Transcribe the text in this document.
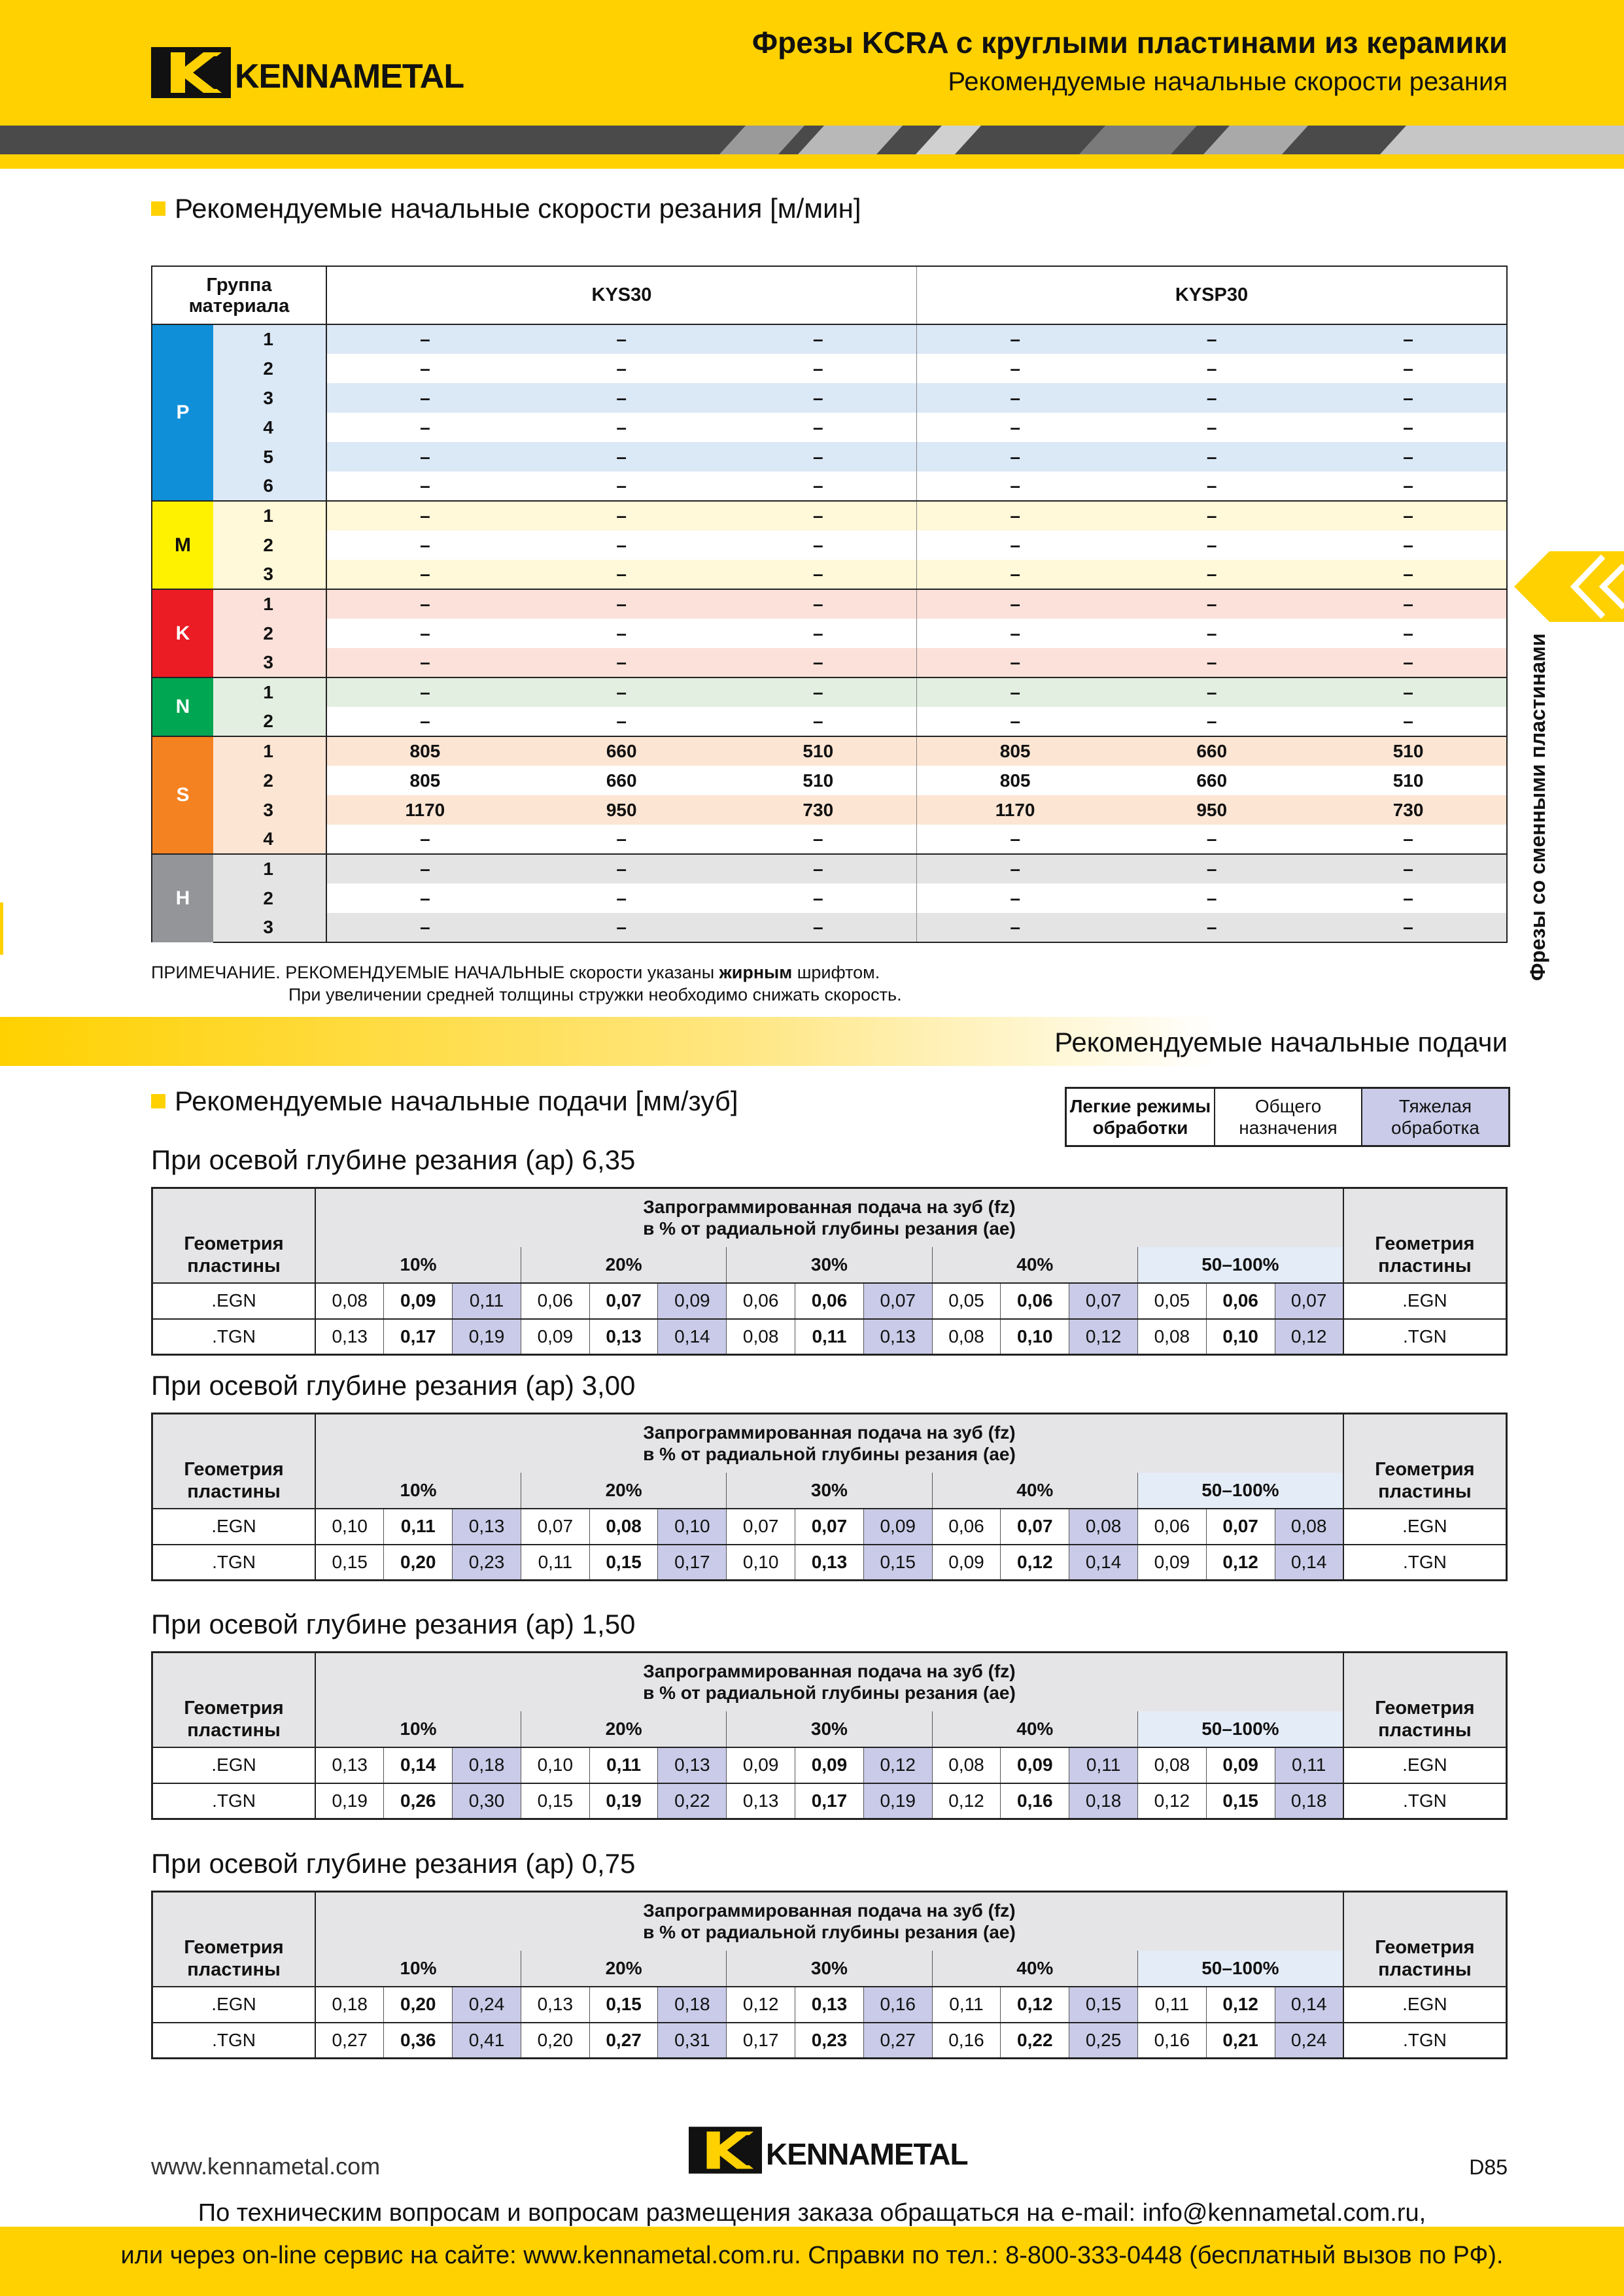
KENNAMETAL
Фрезы KCRA с круглыми пластинами из керамики
Рекомендуемые начальные скорости резания
Фрезы со сменными пластинами
Рекомендуемые начальные скорости резания [м/мин]
Группа материала		KYS30			KYSP30		
P	1	–	–	–	–	–	–
	2	–	–	–	–	–	–
	3	–	–	–	–	–	–
	4	–	–	–	–	–	–
	5	–	–	–	–	–	–
	6	–	–	–	–	–	–
M	1	–	–	–	–	–	–
	2	–	–	–	–	–	–
	3	–	–	–	–	–	–
K	1	–	–	–	–	–	–
	2	–	–	–	–	–	–
	3	–	–	–	–	–	–
N	1	–	–	–	–	–	–
	2	–	–	–	–	–	–
S	1	805	660	510	805	660	510
	2	805	660	510	805	660	510
	3	1170	950	730	1170	950	730
	4	–	–	–	–	–	–
H	1	–	–	–	–	–	–
	2	–	–	–	–	–	–
	3	–	–	–	–	–	–
ПРИМЕЧАНИЕ. РЕКОМЕНДУЕМЫЕ НАЧАЛЬНЫЕ скорости указаны жирным шрифтом.
При увеличении средней толщины стружки необходимо снижать скорость.
Рекомендуемые начальные подачи
Рекомендуемые начальные подачи [мм/зуб]	Легкие режимы обработки
Общего назначения
Тяжелая обработка
При осевой глубине резания (ap) 6,35
Геометрия пластины	Запрограммированная подача на зуб (fz)
в % от радиальной глубины резания (ae)															Геометрия пластины
	10%			20%			30%			40%			50–100%			
.EGN	0,08	0,09	0,11	0,06	0,07	0,09	0,06	0,06	0,07	0,05	0,06	0,07	0,05	0,06	0,07	.EGN
.TGN	0,13	0,17	0,19	0,09	0,13	0,14	0,08	0,11	0,13	0,08	0,10	0,12	0,08	0,10	0,12	.TGN
При осевой глубине резания (ap) 3,00
Геометрия пластины	Запрограммированная подача на зуб (fz)
в % от радиальной глубины резания (ae)															Геометрия пластины
	10%			20%			30%			40%			50–100%			
.EGN	0,10	0,11	0,13	0,07	0,08	0,10	0,07	0,07	0,09	0,06	0,07	0,08	0,06	0,07	0,08	.EGN
.TGN	0,15	0,20	0,23	0,11	0,15	0,17	0,10	0,13	0,15	0,09	0,12	0,14	0,09	0,12	0,14	.TGN
При осевой глубине резания (ap) 1,50
Геометрия пластины	Запрограммированная подача на зуб (fz)
в % от радиальной глубины резания (ae)															Геометрия пластины
	10%			20%			30%			40%			50–100%			
.EGN	0,13	0,14	0,18	0,10	0,11	0,13	0,09	0,09	0,12	0,08	0,09	0,11	0,08	0,09	0,11	.EGN
.TGN	0,19	0,26	0,30	0,15	0,19	0,22	0,13	0,17	0,19	0,12	0,16	0,18	0,12	0,15	0,18	.TGN
При осевой глубине резания (ap) 0,75
Геометрия пластины	Запрограммированная подача на зуб (fz)
в % от радиальной глубины резания (ae)															Геометрия пластины
	10%			20%			30%			40%			50–100%			
.EGN	0,18	0,20	0,24	0,13	0,15	0,18	0,12	0,13	0,16	0,11	0,12	0,15	0,11	0,12	0,14	.EGN
.TGN	0,27	0,36	0,41	0,20	0,27	0,31	0,17	0,23	0,27	0,16	0,22	0,25	0,16	0,21	0,24	.TGN
www.kennametal.com	KENNAMETAL	D85
По техническим вопросам и вопросам размещения заказа обращаться на e-mail: info@kennametal.com.ru,
или через on-line сервис на сайте: www.kennametal.com.ru. Справки по тел.: 8-800-333-0448 (бесплатный вызов по РФ).
